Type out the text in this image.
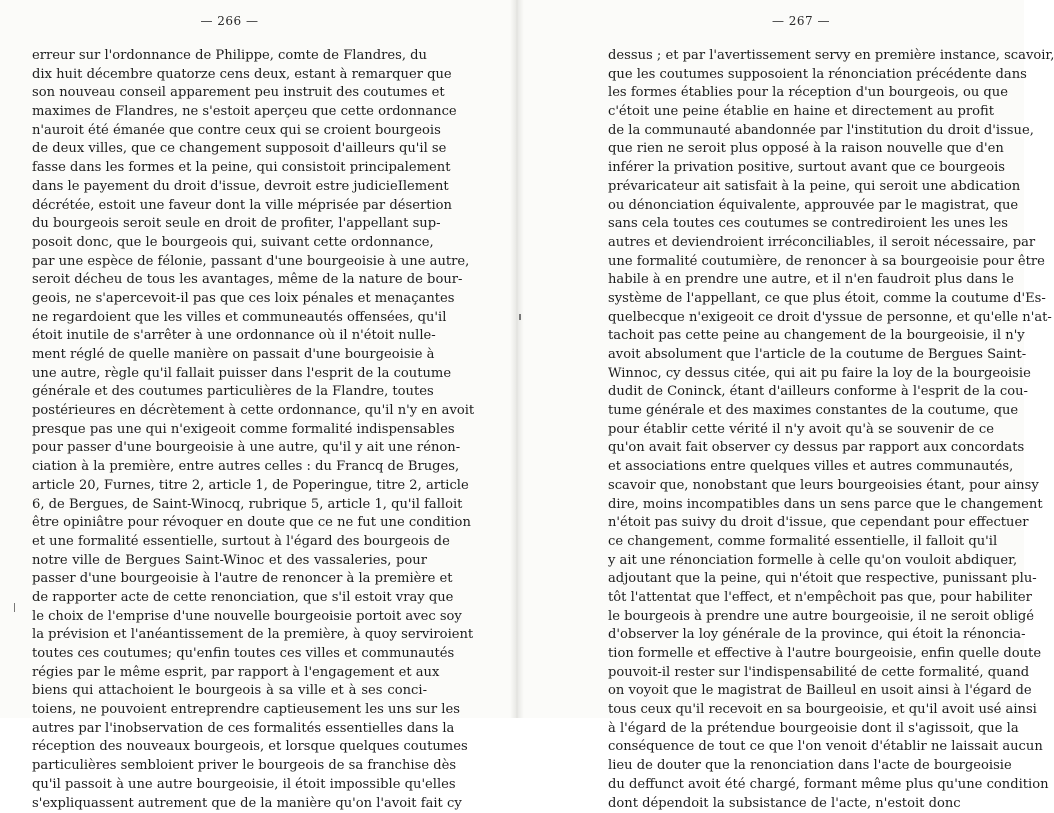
— 266 —
erreur sur l'ordonnance de Philippe, comte de Flandres, du
dix huit décembre quatorze cens deux, estant à remarquer que
son nouveau conseil apparement peu instruit des coutumes et
maximes de Flandres, ne s'estoit aperçeu que cette ordonnance
n'auroit été émanée que contre ceux qui se croient bourgeois
de deux villes, que ce changement supposoit d'ailleurs qu'il se
fasse dans les formes et la peine, qui consistoit principalement
dans le payement du droit d'issue, devroit estre judicieIlement
décrétée, estoit une faveur dont la ville méprisée par désertion
du bourgeois seroit seule en droit de profiter, l'appellant sup-
posoit donc, que le bourgeois qui, suivant cette ordonnance,
par une espèce de félonie, passant d'une bourgeoisie à une autre,
seroit décheu de tous les avantages, même de la nature de bour-
geois, ne s'apercevoit-il pas que ces loix pénales et menaçantes
ne regardoient que les villes et communeautés offensées, qu'il
étoit inutile de s'arrêter à une ordonnance où il n'étoit nulle-
ment réglé de quelle manière on passait d'une bourgeoisie à
une autre, règle qu'il fallait puisser dans l'esprit de la coutume
générale et des coutumes particulières de la Flandre, toutes
postérieures en décrètement à cette ordonnance, qu'il n'y en avoit
presque pas une qui n'exigeoit comme formalité indispensables
pour passer d'une bourgeoisie à une autre, qu'il y ait une rénon-
ciation à la première, entre autres celles : du Francq de Bruges,
article 20, Furnes, titre 2, article 1, de Poperingue, titre 2, article
6, de Bergues, de Saint-Winocq, rubrique 5, article 1, qu'il falloit
être opiniâtre pour révoquer en doute que ce ne fut une condition
et une formalité essentielle, surtout à l'égard des bourgeois de
notre ville de Bergues Saint-Winoc et des vassaleries, pour
passer d'une bourgeoisie à l'autre de renoncer à la première et
de rapporter acte de cette renonciation, que s'il estoit vray que
le choix de l'emprise d'une nouvelle bourgeoisie portoit avec soy
la prévision et l'anéantissement de la première, à quoy serviroient
toutes ces coutumes; qu'enfin toutes ces villes et communautés
régies par le même esprit, par rapport à l'engagement et aux
biens qui attachoient le bourgeois à sa ville et à ses conci-
toiens, ne pouvoient entreprendre captieusement les uns sur les
autres par l'inobservation de ces formalités essentielles dans la
réception des nouveaux bourgeois, et lorsque quelques coutumes
particulières sembloient priver le bourgeois de sa franchise dès
qu'il passoit à une autre bourgeoisie, il étoit impossible qu'elles
s'expliquassent autrement que de la manière qu'on l'avoit fait cy
— 267 —
dessus ; et par l'avertissement servy en première instance, scavoir,
que les coutumes supposoient la rénonciation précédente dans
les formes établies pour la réception d'un bourgeois, ou que
c'étoit une peine établie en haine et directement au profit
de la communauté abandonnée par l'institution du droit d'issue,
que rien ne seroit plus opposé à la raison nouvelle que d'en
inférer la privation positive, surtout avant que ce bourgeois
prévaricateur ait satisfait à la peine, qui seroit une abdication
ou dénonciation équivalente, approuvée par le magistrat, que
sans cela toutes ces coutumes se contrediroient les unes les
autres et deviendroient irréconciliables, il seroit nécessaire, par
une formalité coutumière, de renoncer à sa bourgeoisie pour être
habile à en prendre une autre, et il n'en faudroit plus dans le
système de l'appellant, ce que plus étoit, comme la coutume d'Es-
quelbecque n'exigeoit ce droit d'yssue de personne, et qu'elle n'at-
tachoit pas cette peine au changement de la bourgeoisie, il n'y
avoit absolument que l'article de la coutume de Bergues Saint-
Winnoc, cy dessus citée, qui ait pu faire la loy de la bourgeoisie
dudit de Coninck, étant d'ailleurs conforme à l'esprit de la cou-
tume générale et des maximes constantes de la coutume, que
pour établir cette vérité il n'y avoit qu'à se souvenir de ce
qu'on avait fait observer cy dessus par rapport aux concordats
et associations entre quelques villes et autres communautés,
scavoir que, nonobstant que leurs bourgeoisies étant, pour ainsy
dire, moins incompatibles dans un sens parce que le changement
n'étoit pas suivy du droit d'issue, que cependant pour effectuer
ce changement, comme formalité essentielle, il falloit qu'il
y ait une rénonciation formelle à celle qu'on vouloit abdiquer,
adjoutant que la peine, qui n'étoit que respective, punissant plu-
tôt l'attentat que l'effect, et n'empêchoit pas que, pour habiliter
le bourgeois à prendre une autre bourgeoisie, il ne seroit obligé
d'observer la loy générale de la province, qui étoit la rénoncia-
tion formelle et effective à l'autre bourgeoisie, enfin quelle doute
pouvoit-il rester sur l'indispensabilité de cette formalité, quand
on voyoit que le magistrat de Bailleul en usoit ainsi à l'égard de
tous ceux qu'il recevoit en sa bourgeoisie, et qu'il avoit usé ainsi
à l'égard de la prétendue bourgeoisie dont il s'agissoit, que la
conséquence de tout ce que l'on venoit d'établir ne laissait aucun
lieu de douter que la renonciation dans l'acte de bourgeoisie
du deffunct avoit été chargé, formant même plus qu'une condition
dont dépendoit la subsistance de l'acte, n'estoit donc
